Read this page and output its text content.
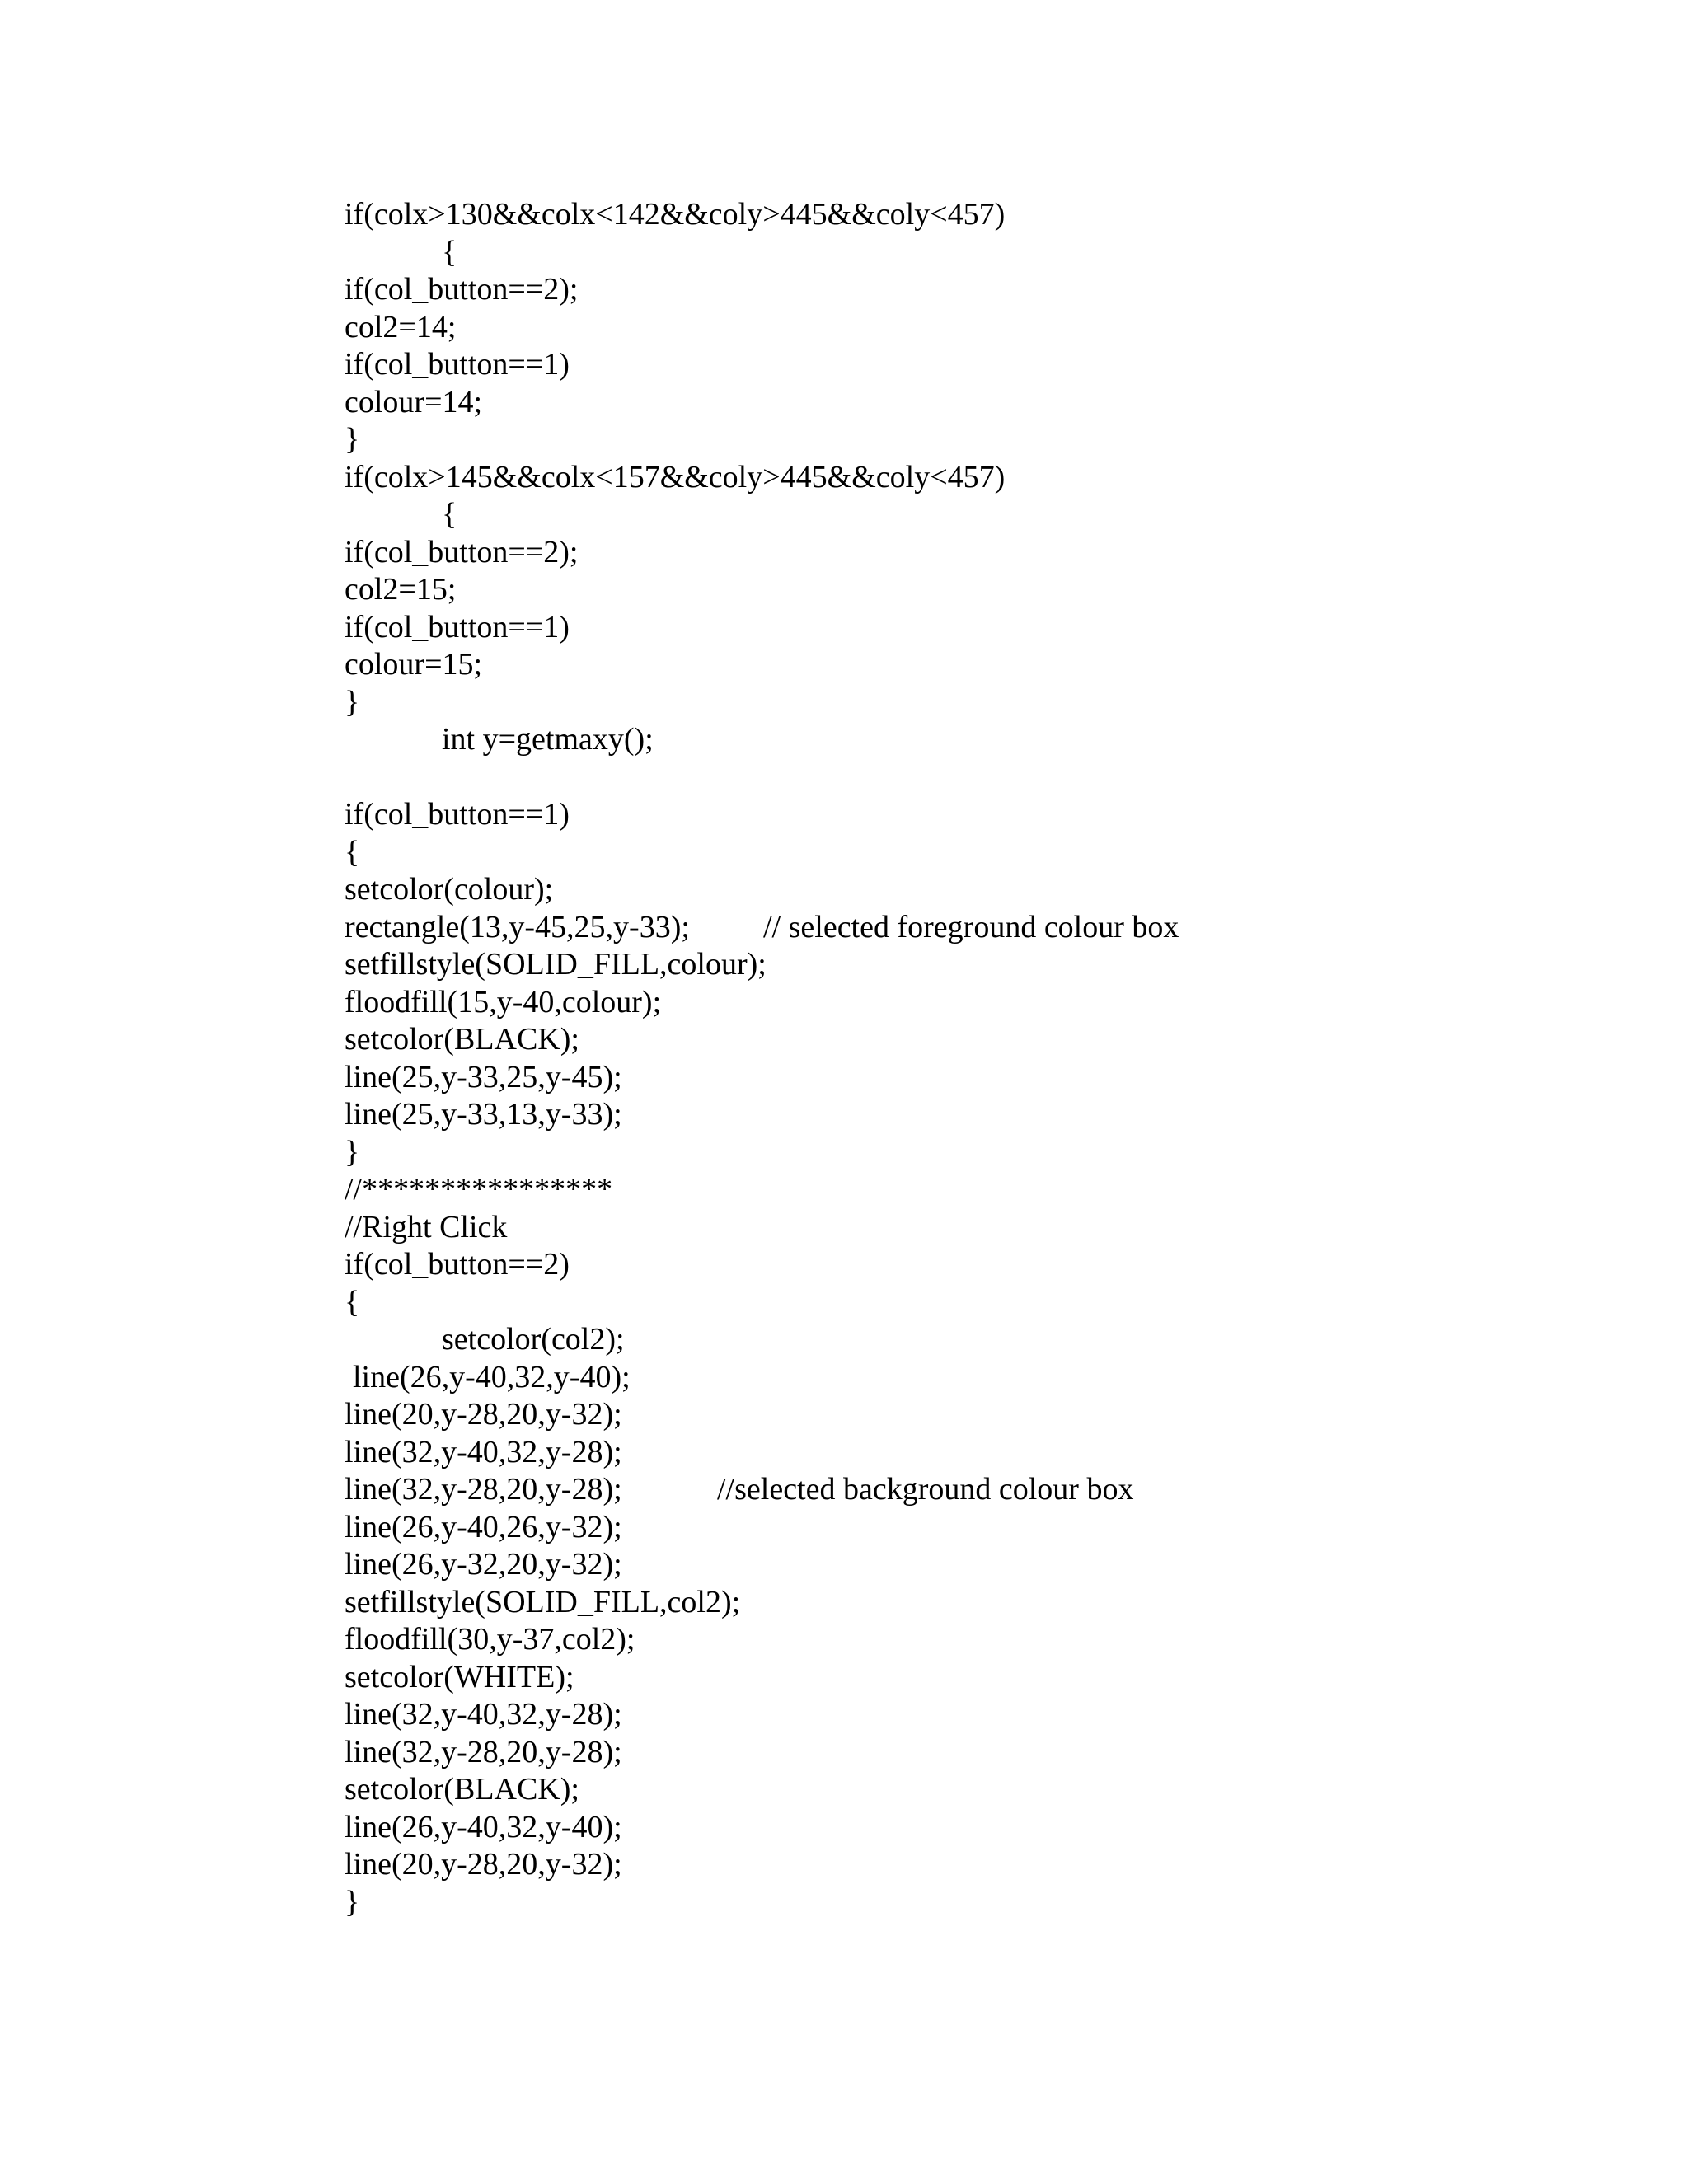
if(colx>130&&colx<142&&coly>445&&coly<457)
{
if(col_button==2);
col2=14;
if(col_button==1)
colour=14;
}
if(colx>145&&colx<157&&coly>445&&coly<457)
{
if(col_button==2);
col2=15;
if(col_button==1)
colour=15;
}
int y=getmaxy();
if(col_button==1)
{
setcolor(colour);
rectangle(13,y-45,25,y-33); // selected foreground colour box
setfillstyle(SOLID_FILL,colour);
floodfill(15,y-40,colour);
setcolor(BLACK);
line(25,y-33,25,y-45);
line(25,y-33,13,y-33);
}
//****************
//Right Click
if(col_button==2)
{
setcolor(col2);
line(26,y-40,32,y-40);
line(20,y-28,20,y-32);
line(32,y-40,32,y-28);
line(32,y-28,20,y-28);	//selected background colour box
line(26,y-40,26,y-32);
line(26,y-32,20,y-32);
setfillstyle(SOLID_FILL,col2);
floodfill(30,y-37,col2);
setcolor(WHITE);
line(32,y-40,32,y-28);
line(32,y-28,20,y-28);
setcolor(BLACK);
line(26,y-40,32,y-40);
line(20,y-28,20,y-32);
}
